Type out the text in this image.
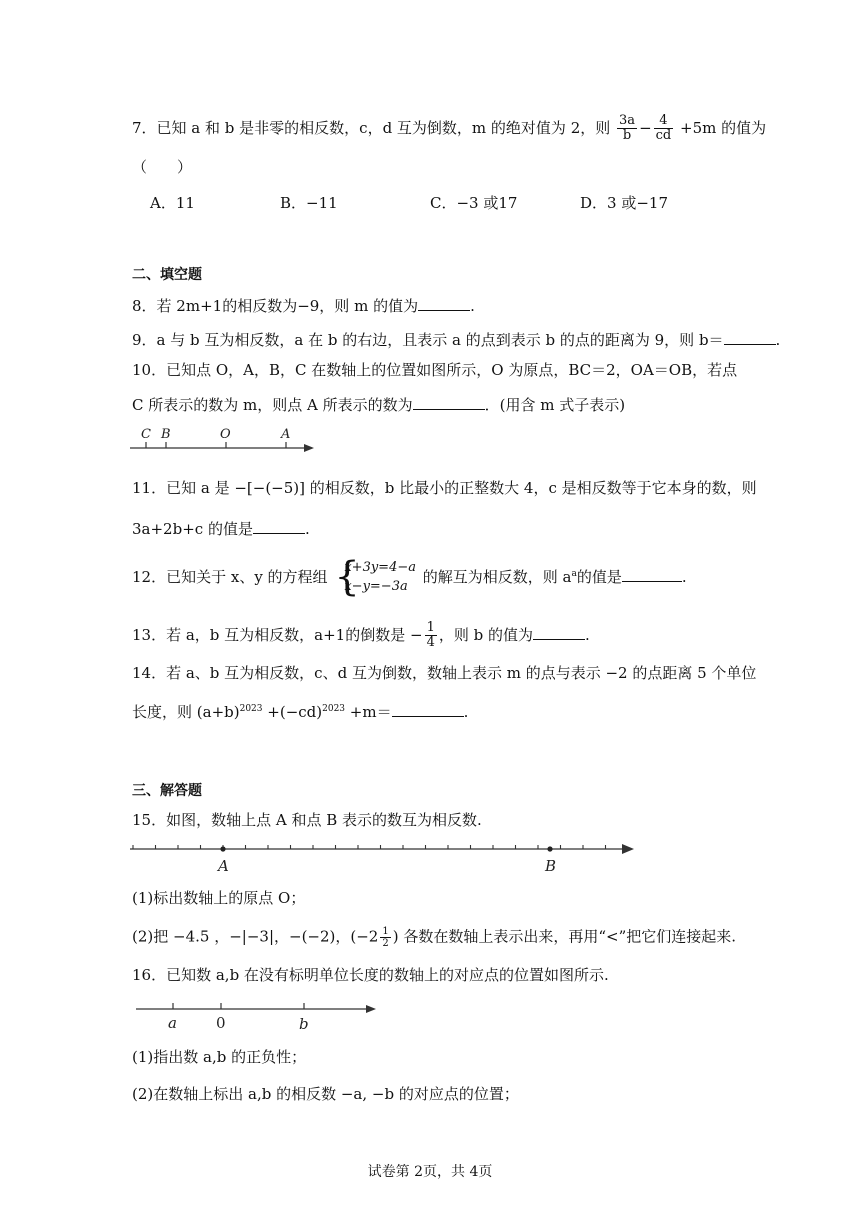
7．已知 a 和 b 是非零的相反数，c，d 互为倒数，m 的绝对值为 2，则 $\frac{3a}{b} - \frac{4}{cd} +5m$ 的值为
（　　）
A．11	B．−11	C．−3 或17	D．3 或−17
二、填空题
8．若 2m+1的相反数为−9，则 m 的值为	.
9．a 与 b 互为相反数，a 在 b 的右边，且表示 a 的点到表示 b 的点的距离为 9，则 b＝	.
10．已知点 O，A，B，C 在数轴上的位置如图所示，O 为原点，BC＝2，OA＝OB，若点
C 所表示的数为 m，则点 A 所表示的数为	．(用含 m 式子表示)
C B	O	A
11．已知 a 是 −[−(−5)] 的相反数，b 比最小的正整数大 4，c 是相反数等于它本身的数，则
3a+2b+c 的值是	.
12．已知关于 x、y 的方程组 {
x+3y=4−a
x−y=−3a
的解互为相反数，则 $a^a$的值是	.
13．若 a，b 互为相反数，a+1的倒数是 − $\frac{1}{4}$ ，则 b 的值为	.
14．若 a、b 互为相反数，c、d 互为倒数，数轴上表示 m 的点与表示 −2 的点距离 5 个单位
长度，则 $(a+b)^{2023} +(-cd)^{2023} +m=$	.
三、解答题
15．如图，数轴上点 A 和点 B 表示的数互为相反数.
A	B
(1)标出数轴上的原点 O；
(2)把 −4.5 ，−|−3|，−(−2)，($-2 \frac{1}{2}$ ) 各数在数轴上表示出来，再用“<”把它们连接起来.
16．已知数 a,b 在没有标明单位长度的数轴上的对应点的位置如图所示.
a	0	b
(1)指出数 a,b 的正负性；
(2)在数轴上标出 a,b 的相反数 −a, −b 的对应点的位置；
试卷第 2页，共 4页
